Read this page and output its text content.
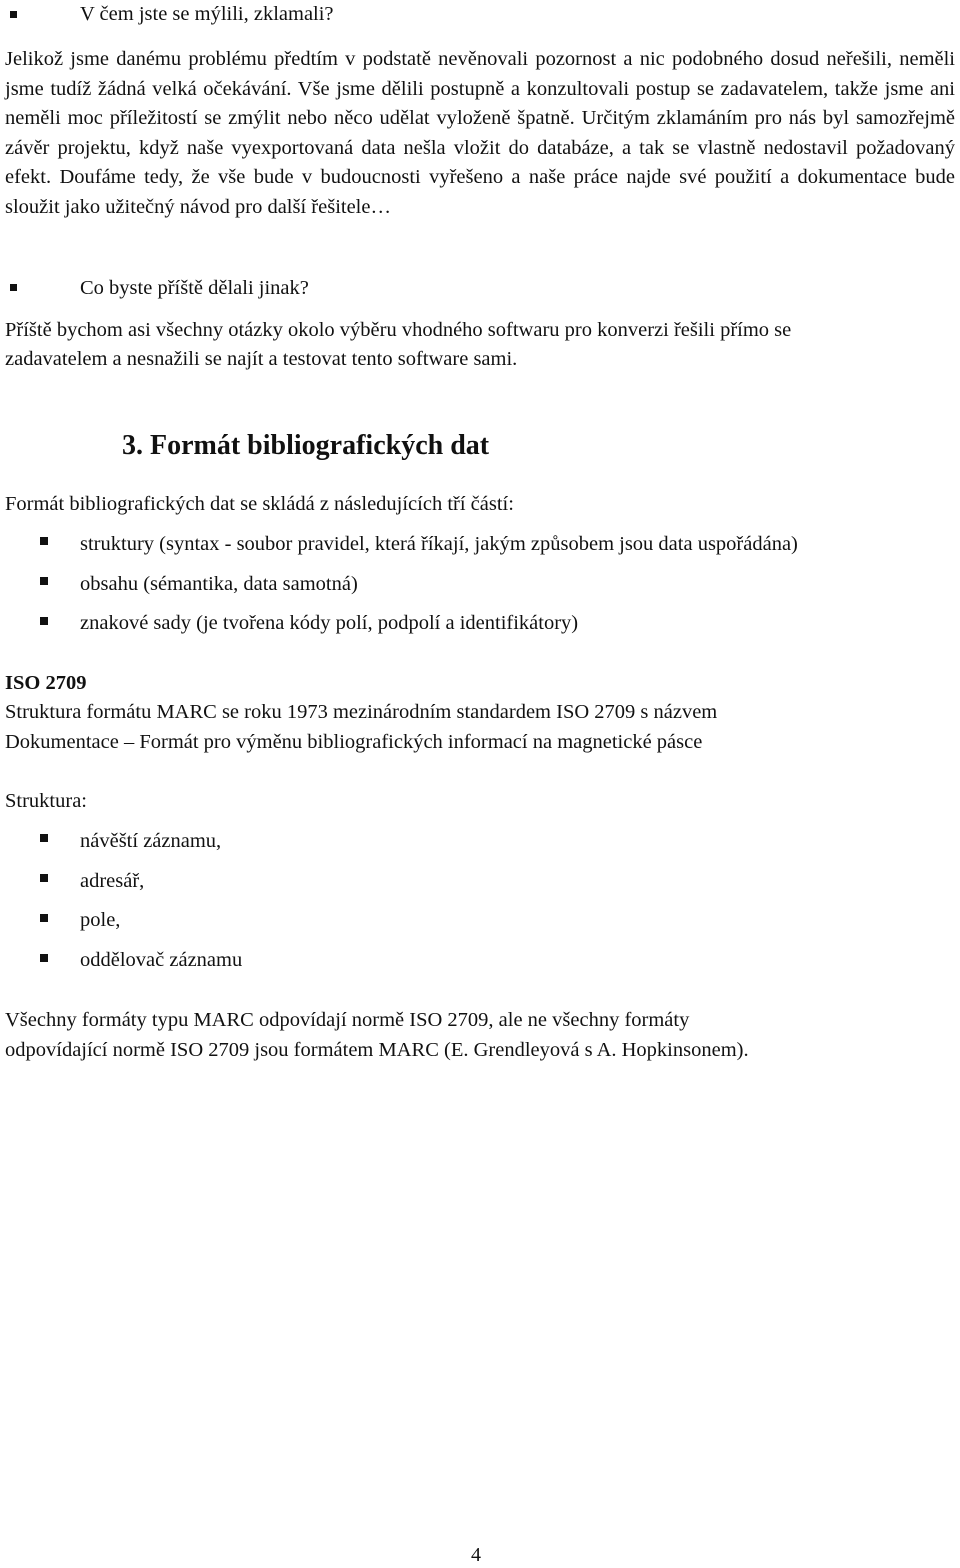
V čem jste se mýlili, zklamali?

Jelikož jsme danému problému předtím v podstatě nevěnovali pozornost a nic podobného dosud neřešili, neměli jsme tudíž žádná velká očekávání. Vše jsme dělili postupně a konzultovali postup se zadavatelem, takže jsme ani neměli moc příležitostí se zmýlit nebo něco udělat vyloženě špatně. Určitým zklamáním pro nás byl samozřejmě závěr projektu, když naše vyexportovaná data nešla vložit do databáze, a tak se vlastně nedostavil požadovaný efekt. Doufáme tedy, že vše bude v budoucnosti vyřešeno a naše práce najde své použití a dokumentace bude sloužit jako užitečný návod pro další řešitele…

Co byste příště dělali jinak?
Příště bychom asi všechny otázky okolo výběru vhodného softwaru pro konverzi řešili přímo se
zadavatelem a nesnažili se najít a testovat tento software sami.
3. Formát bibliografických dat
Formát bibliografických dat se skládá z následujících tří částí:
struktury (syntax - soubor pravidel, která říkají, jakým způsobem jsou data uspořádána)
obsahu (sémantika, data samotná)
znakové sady (je tvořena kódy polí, podpolí a identifikátory)
ISO 2709
Struktura formátu MARC se roku 1973 mezinárodním standardem ISO 2709 s názvem
Dokumentace – Formát pro výměnu bibliografických informací na magnetické pásce
Struktura:
návěští záznamu,
adresář,
pole,
oddělovač záznamu
Všechny formáty typu MARC odpovídají normě ISO 2709, ale ne všechny formáty
odpovídající normě ISO 2709 jsou formátem MARC (E. Grendleyová s A. Hopkinsonem).
4
